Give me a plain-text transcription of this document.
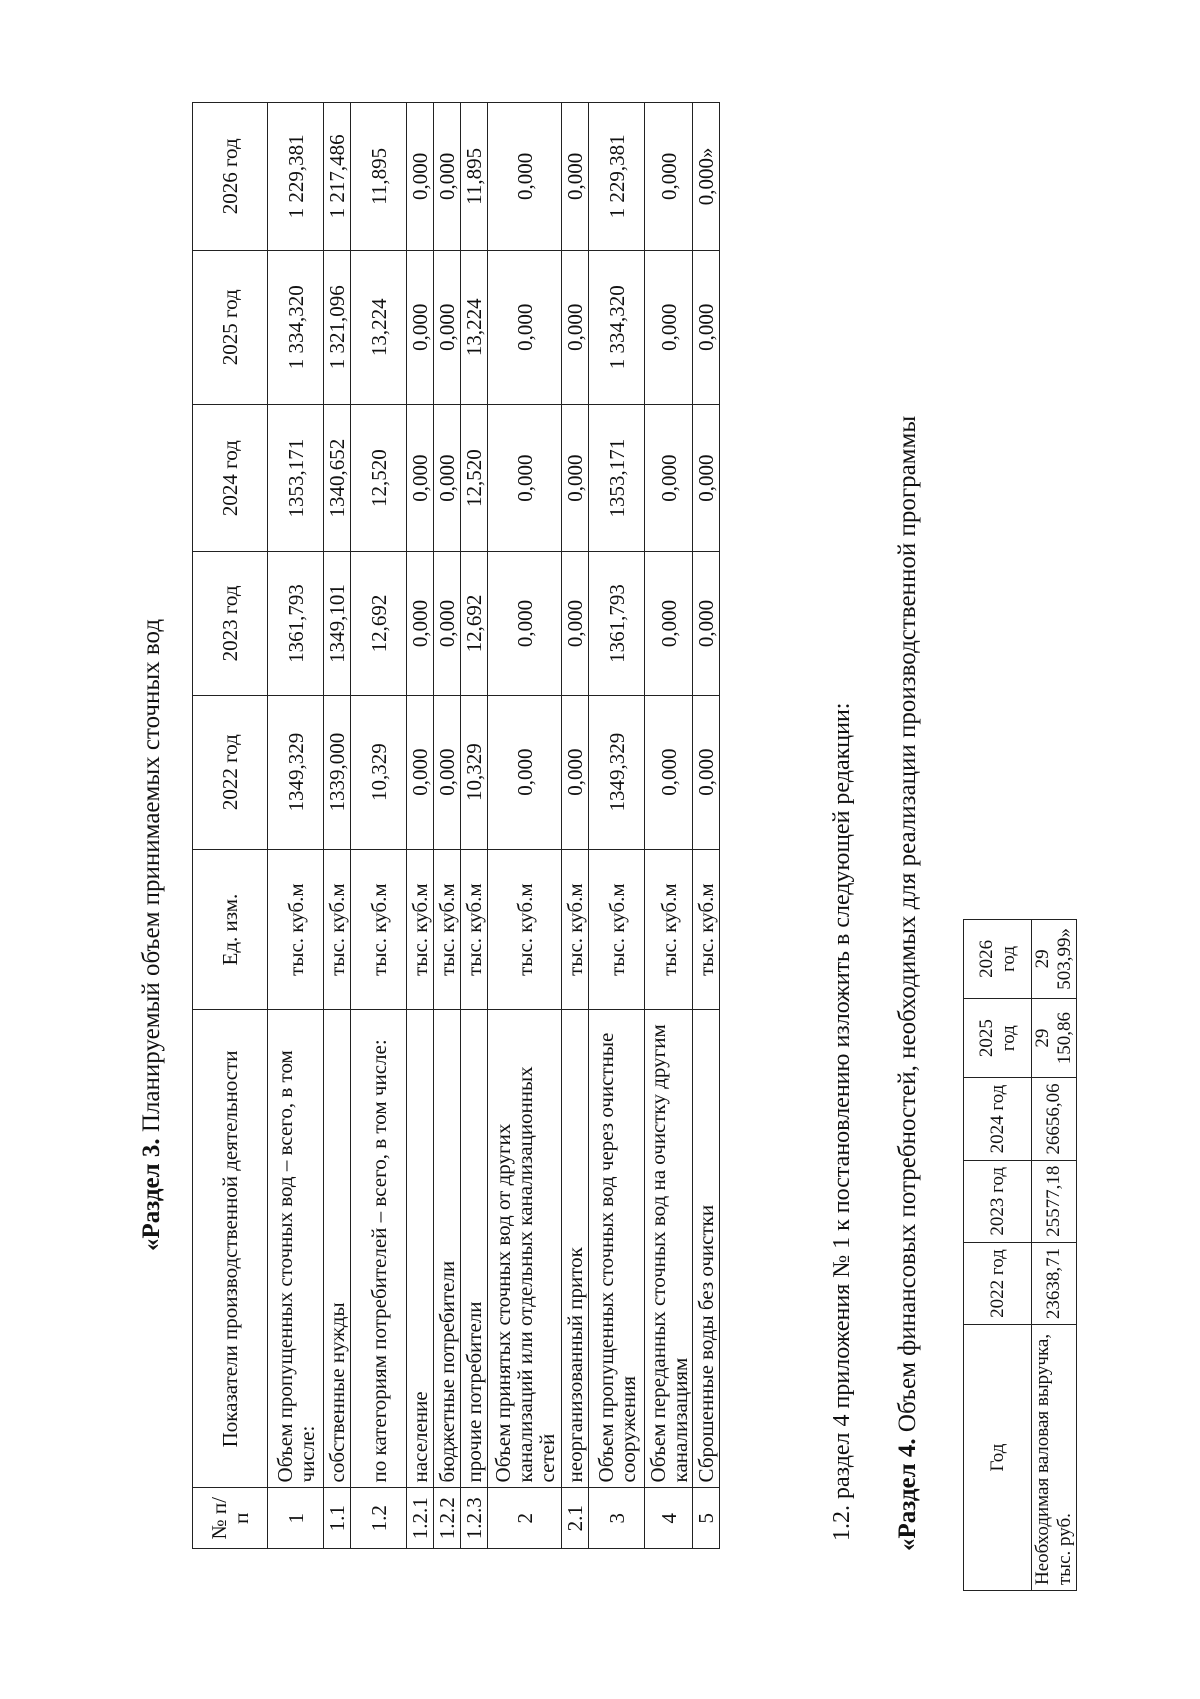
«Раздел 3. Планируемый объем принимаемых сточных вод
№ п/п	Показатели производственной деятельности	Ед. изм.	2022 год	2023 год	2024 год	2025 год	2026 год
1	Объем пропущенных сточных вод – всего, в том числе:	тыс. куб.м	1349,329	1361,793	1353,171	1 334,320	1 229,381
1.1	собственные нужды	тыс. куб.м	1339,000	1349,101	1340,652	1 321,096	1 217,486
1.2	по категориям потребителей – всего, в том числе:	тыс. куб.м	10,329	12,692	12,520	13,224	11,895
1.2.1	население	тыс. куб.м	0,000	0,000	0,000	0,000	0,000
1.2.2	бюджетные потребители	тыс. куб.м	0,000	0,000	0,000	0,000	0,000
1.2.3	прочие потребители	тыс. куб.м	10,329	12,692	12,520	13,224	11,895
2	Объем принятых сточных вод от других канализаций или отдельных канализационных сетей	тыс. куб.м	0,000	0,000	0,000	0,000	0,000
2.1	неорганизованный приток	тыс. куб.м	0,000	0,000	0,000	0,000	0,000
3	Объем пропущенных сточных вод через очистные сооружения	тыс. куб.м	1349,329	1361,793	1353,171	1 334,320	1 229,381
4	Объем переданных сточных вод на очистку другим канализациям	тыс. куб.м	0,000	0,000	0,000	0,000	0,000
5	Сброшенные воды без очистки	тыс. куб.м	0,000	0,000	0,000	0,000	0,000»
1.2. раздел 4 приложения № 1 к постановлению изложить в следующей редакции: «Раздел 4. Объем финансовых потребностей, необходимых для реализации производственной программы
Год	2022 год	2023 год	2024 год	2025 год	2026 год
Необходимая валовая выручка, тыс. руб.	23638,71	25577,18	26656,06	29 150,86	29 503,99»
